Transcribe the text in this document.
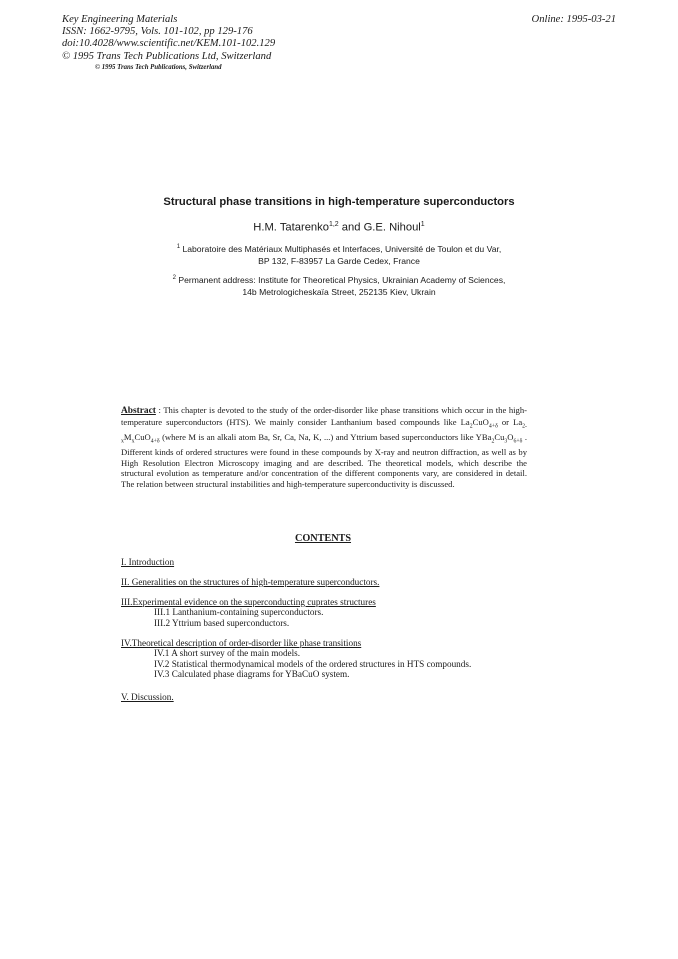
Key Engineering Materials
ISSN: 1662-9795, Vols. 101-102, pp 129-176
doi:10.4028/www.scientific.net/KEM.101-102.129
© 1995 Trans Tech Publications Ltd, Switzerland
Online: 1995-03-21
© 1995 Trans Tech Publications, Switzerland
Structural phase transitions in high-temperature superconductors
H.M. Tatarenko$^{1,2}$ and G.E. Nihoul$^1$
$^1$ Laboratoire des Matériaux Multiphasés et Interfaces, Université de Toulon et du Var,
BP 132, F-83957 La Garde Cedex, France
$^2$ Permanent address: Institute for Theoretical Physics, Ukrainian Academy of Sciences,
14b Metrologicheskaïa Street, 252135 Kiev, Ukrain
Abstract : This chapter is devoted to the study of the order-disorder like phase transitions which occur in the high-temperature superconductors (HTS). We mainly consider Lanthanium based compounds like $La_2CuO_{4+\delta}$ or $La_{2-x}M_xCuO_{4+\delta}$ (where M is an alkali atom Ba, Sr, Ca, Na, K, ...) and Yttrium based superconductors like $YBa_2Cu_3O_{6+\delta}$ . Different kinds of ordered structures were found in these compounds by X-ray and neutron diffraction, as well as by High Resolution Electron Microscopy imaging and are described. The theoretical models, which describe the structural evolution as temperature and/or concentration of the different components vary, are considered in detail. The relation between structural instabilities and high-temperature superconductivity is discussed.
CONTENTS
I. Introduction
II. Generalities on the structures of high-temperature superconductors.
III.Experimental evidence on the superconducting cuprates structures
III.1 Lanthanium-containing superconductors.
III.2 Yttrium based superconductors.
IV.Theoretical description of order-disorder like phase transitions
IV.1 A short survey of the main models.
IV.2 Statistical thermodynamical models of the ordered structures in HTS compounds.
IV.3 Calculated phase diagrams for YBaCuO system.
V. Discussion.
